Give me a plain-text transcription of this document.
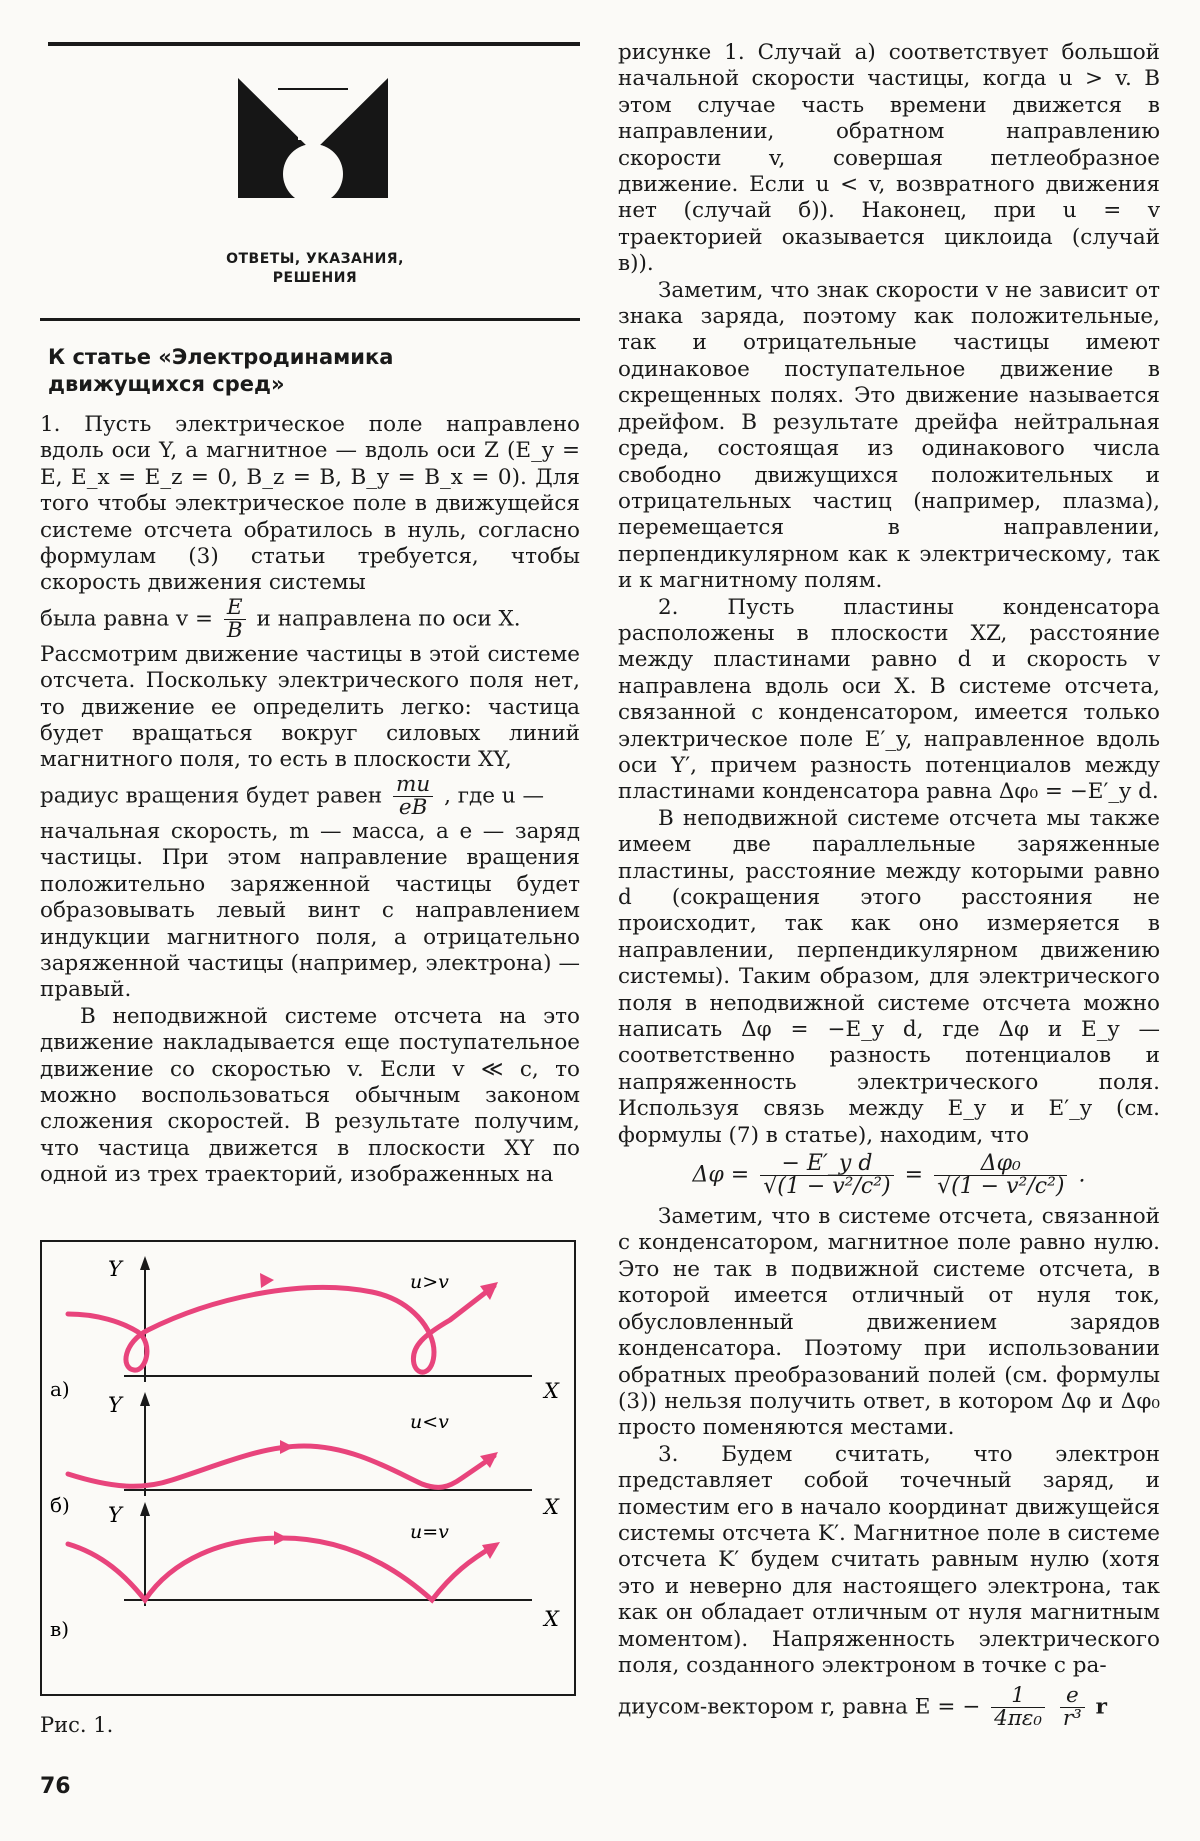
ОТВЕТЫ, УКАЗАНИЯ,
РЕШЕНИЯ
К статье «Электродинамика
движущихся сред»

1. Пусть электрическое поле направлено вдоль оси Y, а магнитное — вдоль оси Z (E_y = E, E_x = E_z = 0, B_z = B, B_y = B_x = 0). Для того чтобы электрическое поле в движущейся системе отсчета обратилось в нуль, согласно формулам (3) статьи требуется, чтобы скорость движения системы

была равна $v = \frac{E}{B}$ и направлена по оси X.

Рассмотрим движение частицы в этой системе отсчета. Поскольку электрического поля нет, то движение ее определить легко: частица будет вращаться вокруг силовых линий магнитного поля, то есть в плоскости XY,

радиус вращения будет равен $\frac{mu}{eB}$ , где u —

начальная скорость, m — масса, а e — заряд частицы. При этом направление вращения положительно заряженной частицы будет образовывать левый винт с направлением индукции магнитного поля, а отрицательно заряженной частицы (например, электрона) — правый.

В неподвижной системе отсчета на это движение накладывается еще поступательное движение со скоростью v. Если v ≪ c, то можно воспользоваться обычным законом сложения скоростей. В результате получим, что частица движется в плоскости XY по одной из трех траекторий, изображенных на

Y
X
u>v
а)
Y
X
u<v
б) Y
X
u=v
в)
Рис. 1.
76

рисунке 1. Случай а) соответствует большой начальной скорости частицы, когда u > v. В этом случае часть времени движется в направлении, обратном направлению скорости v, совершая петлеобразное движение. Если u < v, возвратного движения нет (случай б)). Наконец, при u = v траекторией оказывается циклоида (случай в)).

Заметим, что знак скорости v не зависит от знака заряда, поэтому как положительные, так и отрицательные частицы имеют одинаковое поступательное движение в скрещенных полях. Это движение называется дрейфом. В результате дрейфа нейтральная среда, состоящая из одинакового числа свободно движущихся положительных и отрицательных частиц (например, плазма), перемещается в направлении, перпендикулярном как к электрическому, так и к магнитному полям.

2. Пусть пластины конденсатора расположены в плоскости XZ, расстояние между пластинами равно d и скорость v направлена вдоль оси X. В системе отсчета, связанной с конденсатором, имеется только электрическое поле E′_y, направленное вдоль оси Y′, причем разность потенциалов между пластинами конденсатора равна Δφ₀ = −E′_y d.

В неподвижной системе отсчета мы также имеем две параллельные заряженные пластины, расстояние между которыми равно d (сокращения этого расстояния не происходит, так как оно измеряется в направлении, перпендикулярном движению системы). Таким образом, для электрического поля в неподвижной системе отсчета можно написать Δφ = −E_y d, где Δφ и E_y — соответственно разность потенциалов и напряженность электрического поля. Используя связь между E_y и E′_y (см. формулы (7) в статье), находим, что

$\Delta\varphi = \frac{\text{− E′\_y d}}{\text{√(1 − v²/c²)}} = \frac{\text{Δφ₀}}{\text{√(1 − v²/c²)}}$ .

Заметим, что в системе отсчета, связанной с конденсатором, магнитное поле равно нулю. Это не так в подвижной системе отсчета, в которой имеется отличный от нуля ток, обусловленный движением зарядов конденсатора. Поэтому при использовании обратных преобразований полей (см. формулы (3)) нельзя получить ответ, в котором Δφ и Δφ₀ просто поменяются местами.

3. Будем считать, что электрон представляет собой точечный заряд, и поместим его в начало координат движущейся системы отсчета K′. Магнитное поле в системе отсчета K′ будем считать равным нулю (хотя это и неверно для настоящего электрона, так как он обладает отличным от нуля магнитным моментом). Напряженность электрического поля, созданного электроном в точке с ра-

диусом-вектором r, равна E = − $\frac{1}{\text{4πε₀}}$
$\frac{e}{\text{r³}}$ r
